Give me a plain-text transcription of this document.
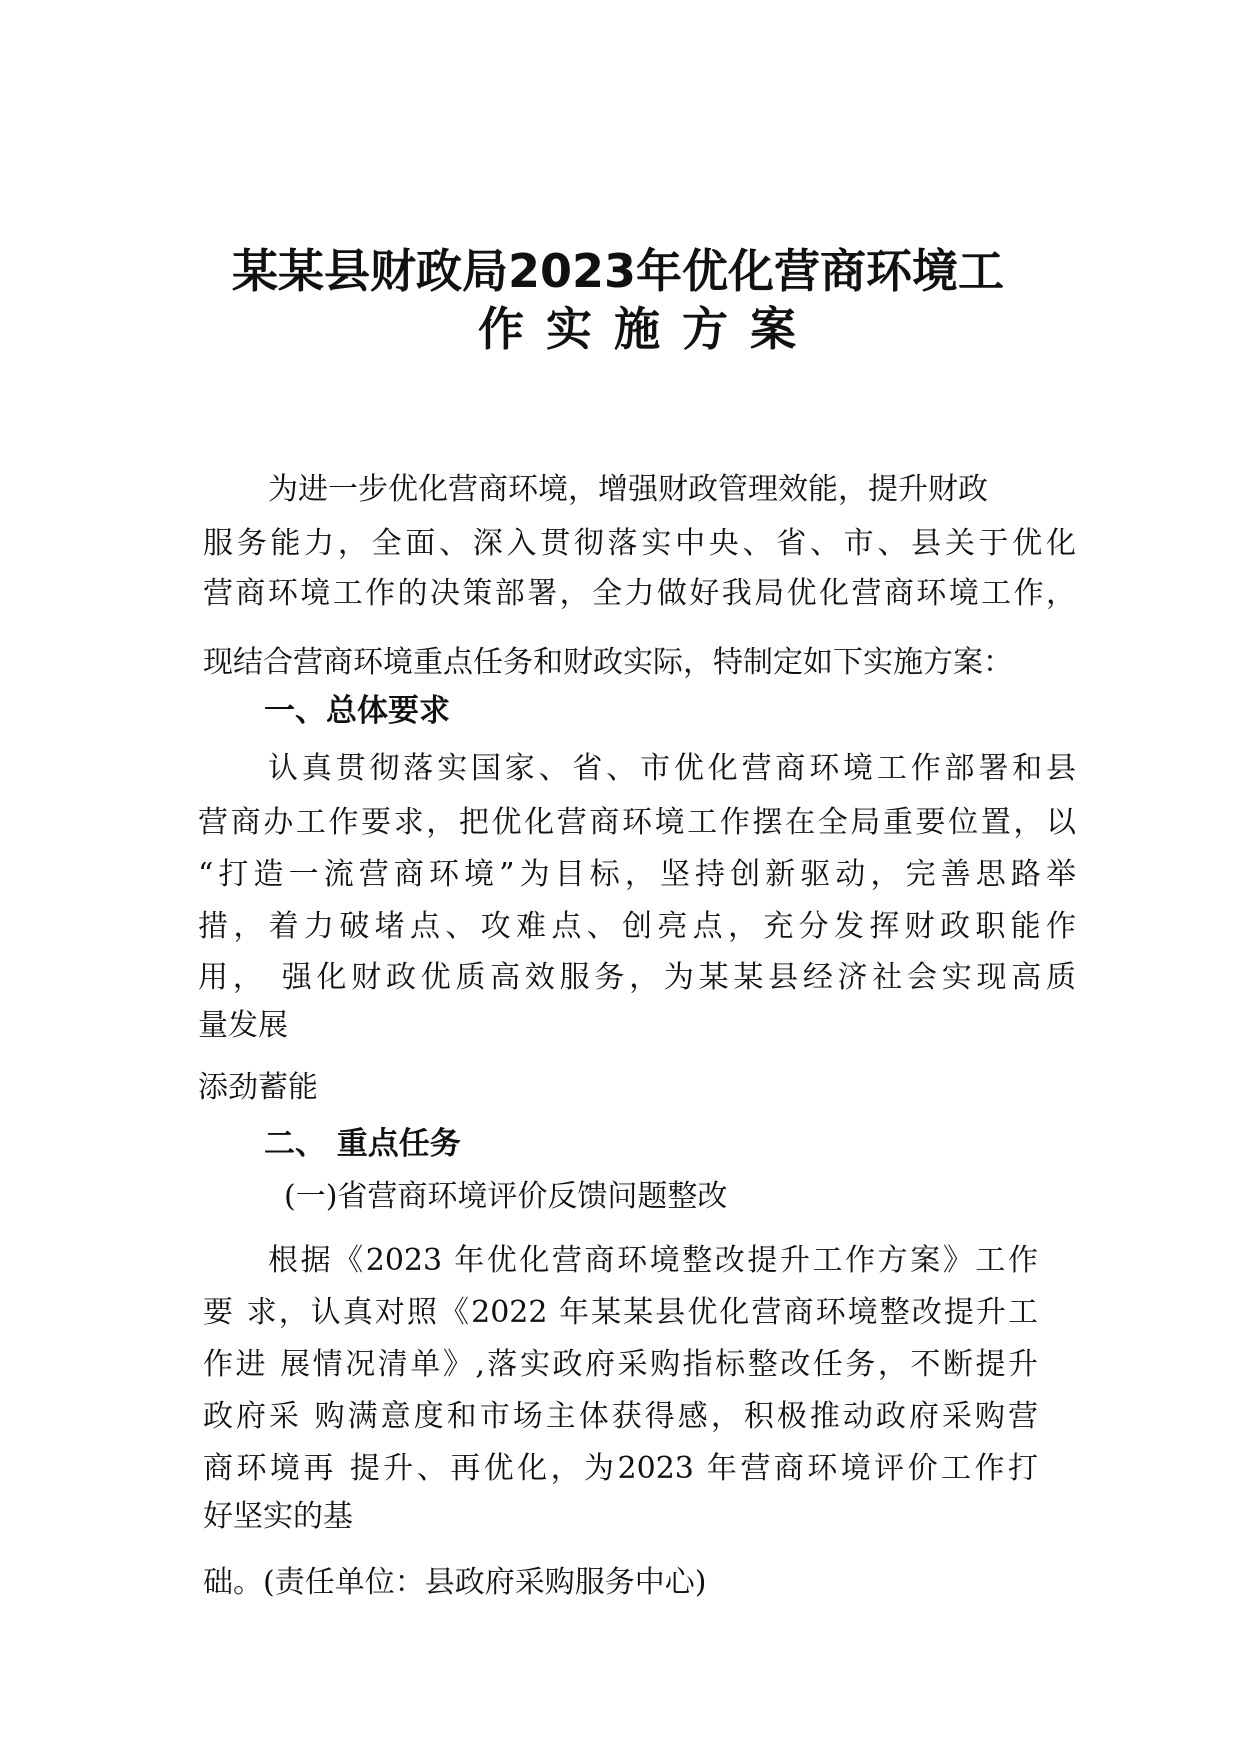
某某县财政局2023年优化营商环境工
作实施方案
为进一步优化营商环境，增强财政管理效能，提升财政
服务能力，全面、深入贯彻落实中央、省、市、县关于优化
营商环境工作的决策部署，全力做好我局优化营商环境工作，
现结合营商环境重点任务和财政实际，特制定如下实施方案：
一、总体要求
认真贯彻落实国家、省、市优化营商环境工作部署和县
营商办工作要求，把优化营商环境工作摆在全局重要位置，以
“打造一流营商环境”为目标，坚持创新驱动，完善思路举
措，着力破堵点、攻难点、创亮点，充分发挥财政职能作
用， 强化财政优质高效服务，为某某县经济社会实现高质
量发展
添劲蓄能
二、 重点任务
(一)省营商环境评价反馈问题整改
根据《2023 年优化营商环境整改提升工作方案》工作
要 求，认真对照《2022 年某某县优化营商环境整改提升工
作进 展情况清单》,落实政府采购指标整改任务，不断提升
政府采 购满意度和市场主体获得感，积极推动政府采购营
商环境再 提升、再优化，为2023 年营商环境评价工作打
好坚实的基
础。(责任单位：县政府采购服务中心)
